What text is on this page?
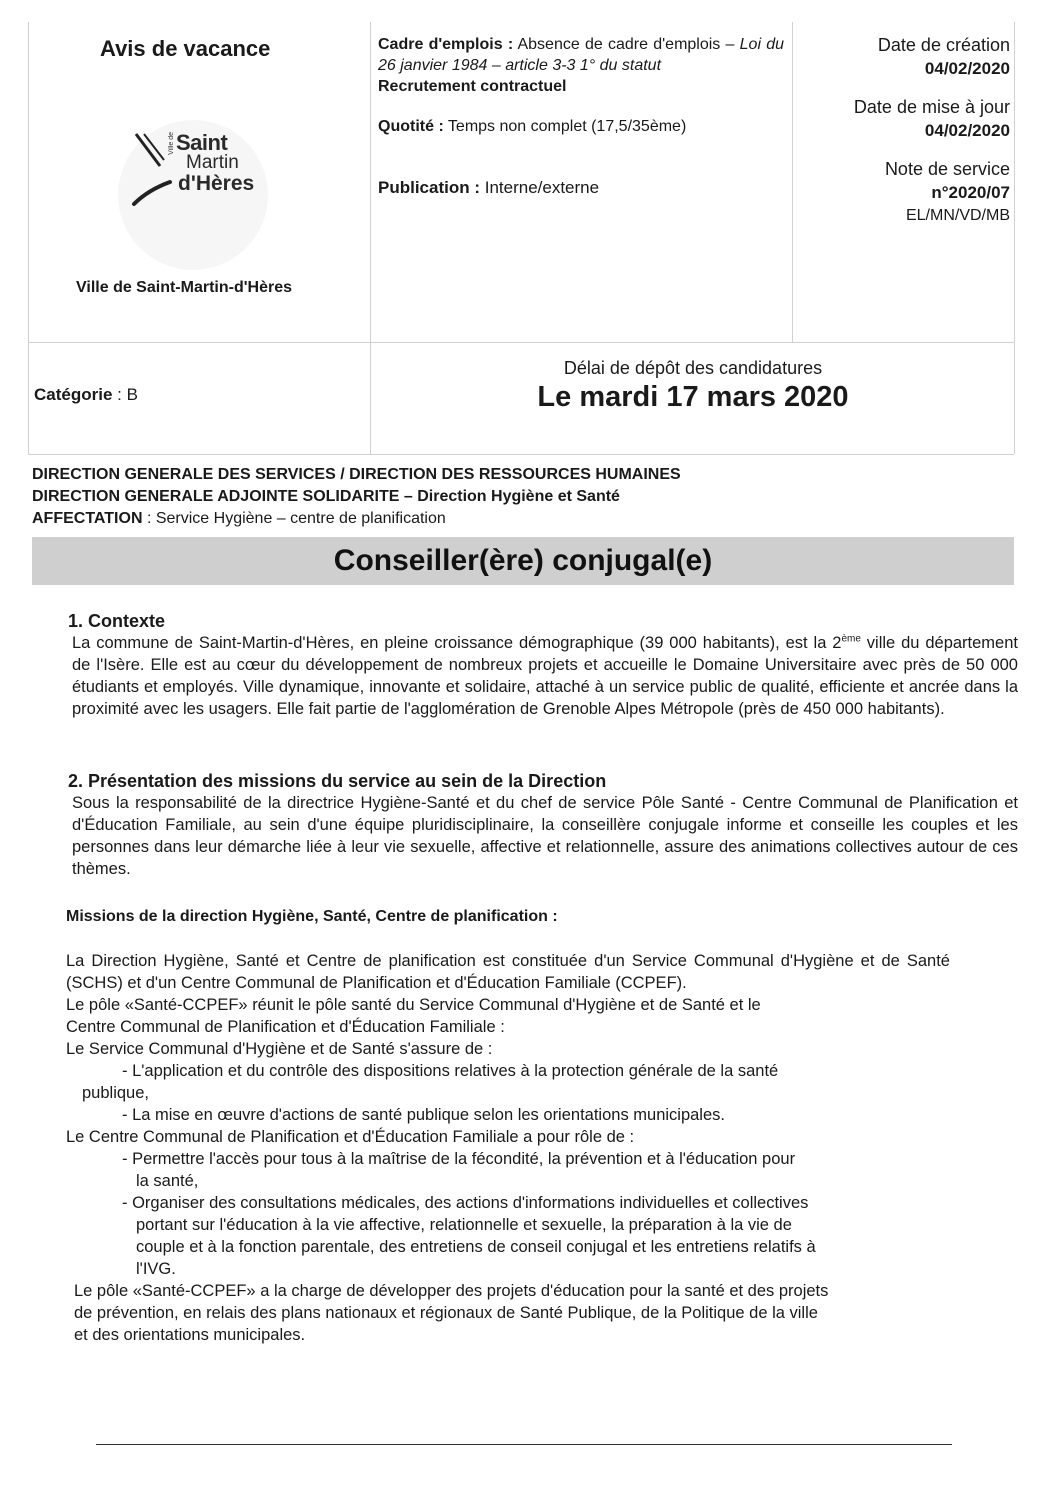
Avis de vacance
Ville de Saint
Martin
d'Hères
Ville de Saint-Martin-d'Hères
Cadre d'emplois : Absence de cadre d'emplois – Loi du 26 janvier 1984 – article 3-3 1° du statut
Recrutement contractuel
Quotité : Temps non complet (17,5/35ème)
Publication : Interne/externe
Date de création
04/02/2020
Date de mise à jour
04/02/2020
Note de service
n°2020/07
EL/MN/VD/MB
Catégorie : B
Délai de dépôt des candidatures
Le mardi 17 mars 2020
DIRECTION GENERALE DES SERVICES / DIRECTION DES RESSOURCES HUMAINES
DIRECTION GENERALE ADJOINTE SOLIDARITE – Direction Hygiène et Santé
AFFECTATION : Service Hygiène – centre de planification
Conseiller(ère) conjugal(e)
1. Contexte
La commune de Saint-Martin-d'Hères, en pleine croissance démographique (39 000 habitants), est la 2ème ville du département de l'Isère. Elle est au cœur du développement de nombreux projets et accueille le Domaine Universitaire avec près de 50 000 étudiants et employés. Ville dynamique, innovante et solidaire, attaché à un service public de qualité, efficiente et ancrée dans la proximité avec les usagers. Elle fait partie de l'agglomération de Grenoble Alpes Métropole (près de 450 000 habitants).
2. Présentation des missions du service au sein de la Direction
Sous la responsabilité de la directrice Hygiène-Santé et du chef de service Pôle Santé - Centre Communal de Planification et d'Éducation Familiale, au sein d'une équipe pluridisciplinaire, la conseillère conjugale informe et conseille les couples et les personnes dans leur démarche liée à leur vie sexuelle, affective et relationnelle, assure des animations collectives autour de ces thèmes.
Missions de la direction Hygiène, Santé, Centre de planification :
La Direction Hygiène, Santé et Centre de planification est constituée d'un Service Communal d'Hygiène et de Santé (SCHS) et d'un Centre Communal de Planification et d'Éducation Familiale (CCPEF).
Le pôle «Santé-CCPEF» réunit le pôle santé du Service Communal d'Hygiène et de Santé et le
Centre Communal de Planification et d'Éducation Familiale :
Le Service Communal d'Hygiène et de Santé s'assure de :
- L'application et du contrôle des dispositions relatives à la protection générale de la santé
publique,
- La mise en œuvre d'actions de santé publique selon les orientations municipales.
Le Centre Communal de Planification et d'Éducation Familiale a pour rôle de :
- Permettre l'accès pour tous à la maîtrise de la fécondité, la prévention et à l'éducation pour
la santé,
- Organiser des consultations médicales, des actions d'informations individuelles et collectives
portant sur l'éducation à la vie affective, relationnelle et sexuelle, la préparation à la vie de
couple et à la fonction parentale, des entretiens de conseil conjugal et les entretiens relatifs à
l'IVG.
Le pôle «Santé-CCPEF» a la charge de développer des projets d'éducation pour la santé et des projets
de prévention, en relais des plans nationaux et régionaux de Santé Publique, de la Politique de la ville
et des orientations municipales.
